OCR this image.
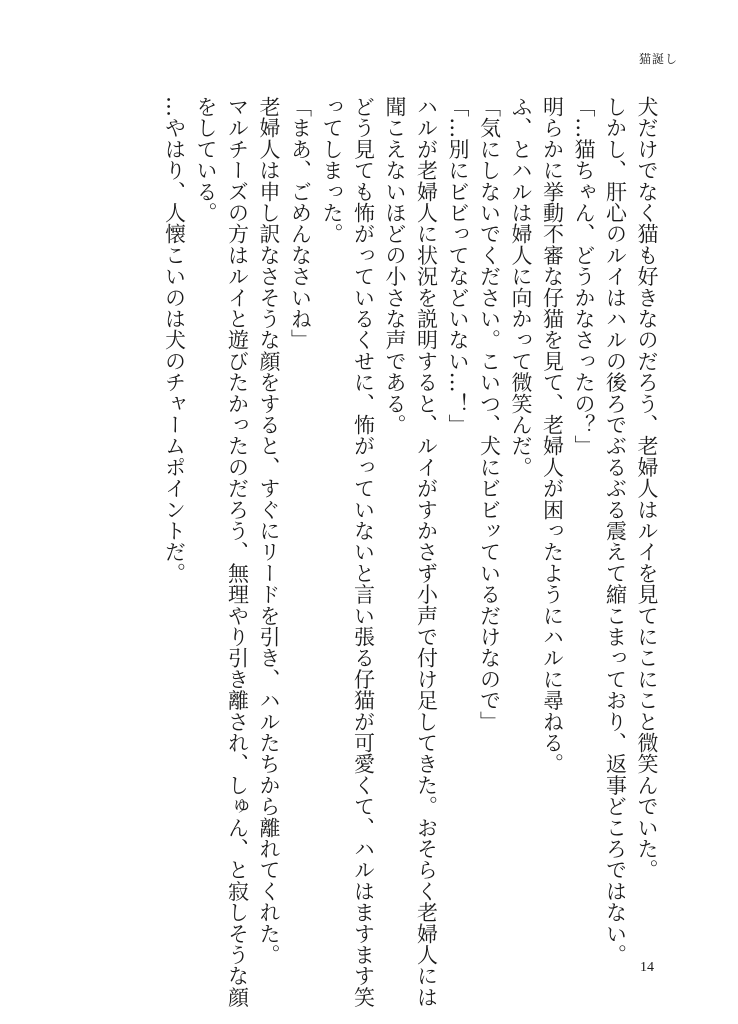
猫誕し
犬だけでなく猫も好きなのだろう、老婦人はルイを見てにこにこと微笑んでいた。
しかし、肝心のルイはハルの後ろでぶるぶる震えて縮こまっており、返事どころではない。
「…猫ちゃん、どうかなさったの？」
明らかに挙動不審な仔猫を見て、老婦人が困ったようにハルに尋ねる。
ふ、とハルは婦人に向かって微笑んだ。
「気にしないでください。こいつ、犬にビビッているだけなので」
「…別にビビってなどいない…！」
ハルが老婦人に状況を説明すると、ルイがすかさず小声で付け足してきた。おそらく老婦人には
聞こえないほどの小さな声である。
どう見ても怖がっているくせに、怖がっていないと言い張る仔猫が可愛くて、ハルはますます笑
ってしまった。
「まあ、ごめんなさいね」
老婦人は申し訳なさそうな顔をすると、すぐにリードを引き、ハルたちから離れてくれた。
マルチーズの方はルイと遊びたかったのだろう、無理やり引き離され、しゅん、と寂しそうな顔
をしている。
…やはり、人懐こいのは犬のチャームポイントだ。
14
